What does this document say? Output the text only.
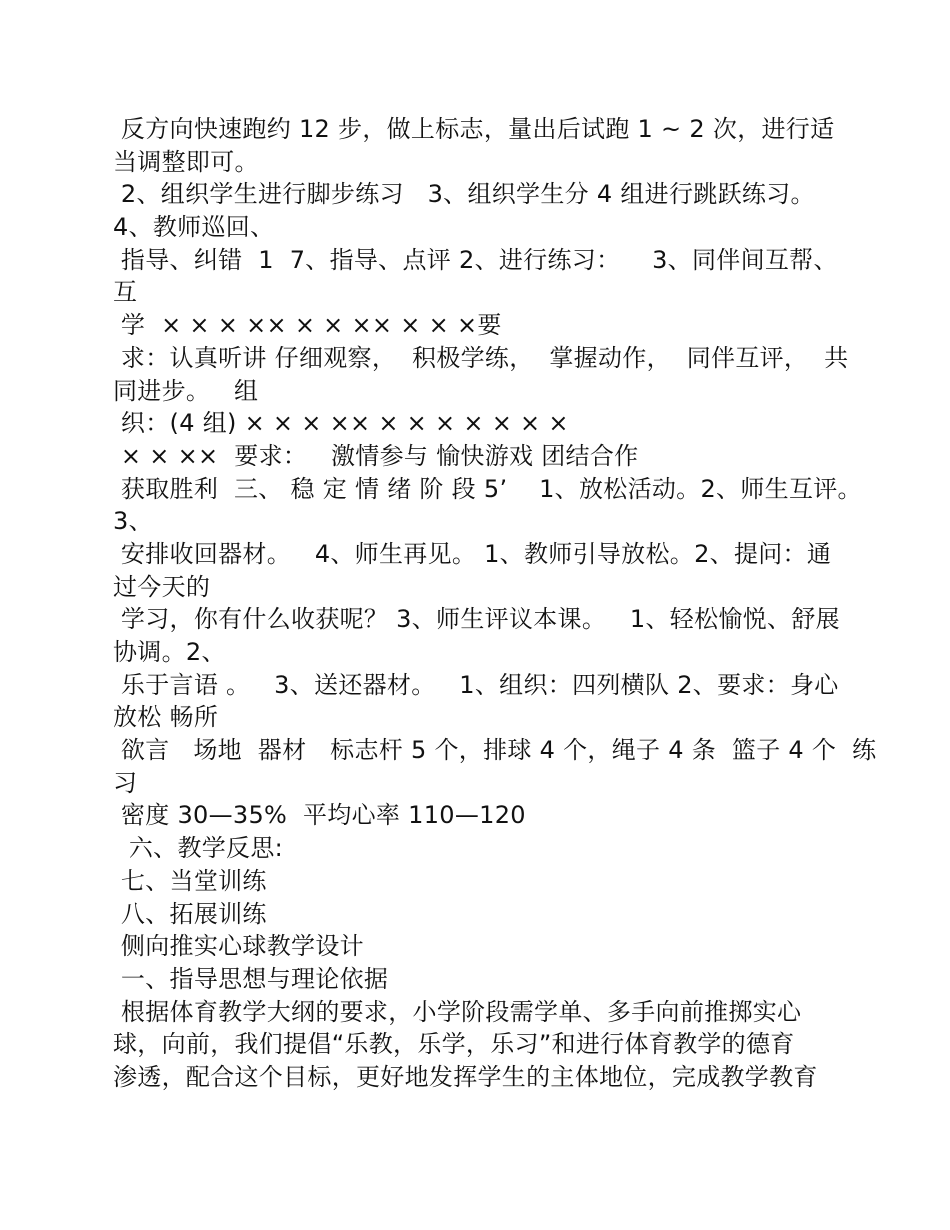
反方向快速跑约 12 步，做上标志，量出后试跑 1 ~ 2 次，进行适
当调整即可。
2、组织学生进行脚步练习   3、组织学生分 4 组进行跳跃练习。
4、教师巡回、
指导、纠错  1  7、指导、点评 2、进行练习：    3、同伴间互帮、
互
学  × × × ×× × × ×× × × ×要
求：认真听讲 仔细观察，  积极学练，  掌握动作，  同伴互评，  共
同进步。   组
织：(4 组) × × × ×× × × × × × × ×
× × ××  要求：   激情参与 愉快游戏 团结合作
获取胜利  三、 稳 定 情 绪 阶 段 5’    1、放松活动。2、师生互评。
3、
安排收回器材。   4、师生再见。 1、教师引导放松。2、提问：通
过今天的
学习，你有什么收获呢？ 3、师生评议本课。   1、轻松愉悦、舒展
协调。2、
乐于言语 。   3、送还器材。   1、组织：四列横队 2、要求：身心
放松 畅所
欲言   场地  器材   标志杆 5 个，排球 4 个，绳子 4 条  篮子 4 个  练
习
密度 30—35%  平均心率 110—120
六、教学反思:
七、当堂训练
八、拓展训练
侧向推实心球教学设计
一、指导思想与理论依据
根据体育教学大纲的要求，小学阶段需学单、多手向前推掷实心
球，向前，我们提倡“乐教，乐学，乐习”和进行体育教学的德育
渗透，配合这个目标，更好地发挥学生的主体地位，完成教学教育
